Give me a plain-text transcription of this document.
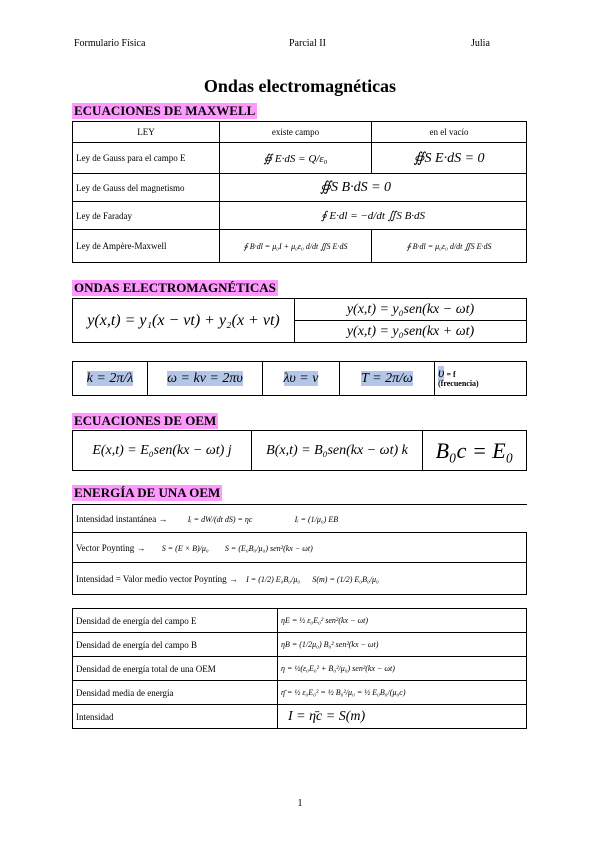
Formulario Física	Parcial II	Julia
Ondas electromagnéticas
ECUACIONES DE MAXWELL
LEY	existe campo	en el vacío
Ley de Gauss para el campo E	∯ E·dS = Q/ε₀	∯S E·dS = 0
Ley de Gauss del magnetismo	∯S B·dS = 0	
Ley de Faraday	∮ E·dl = −d/dt ∬S B·dS	
Ley de Ampère-Maxwell	∮ B·dl = μ₀I + μ₀ε₀ d/dt ∬S E·dS	∮ B·dl = μ₀ε₀ d/dt ∬S E·dS
ONDAS ELECTROMAGNÉTICAS
y(x,t) = y₁(x − vt) + y₂(x + vt)	y(x,t) = y₀sen(kx − ωt)
y(x,t) = y₀sen(kx + ωt)
k = 2π/λ	ω = kv = 2πυ	λυ = v	T = 2π/ω	υ = f
(frecuencia)
ECUACIONES DE OEM
E(x,t) = E₀sen(kx − ωt) j	B(x,t) = B₀sen(kx − ωt) k	B₀c = E₀
ENERGÍA DE UNA OEM
Intensidad instantánea →	Iᵢ = dW/(dt dS) = ηc	Iᵢ = (1/μ₀) EB
Vector Poynting → S = (E × B)/μ₀ S = (E₀B₀/μ₀) sen²(kx − ωt)
Intensidad = Valor medio vector Poynting → I = (1/2) E₀B₀/μ₀ S(m) = (1/2) E₀B₀/μ₀
Densidad de energía del campo E	ηE = ½ ε₀E₀² sen²(kx − ωt)
Densidad de energía del campo B	ηB = (1/2μ₀) B₀² sen²(kx − ωt)
Densidad de energía total de una OEM	η = ½(ε₀E₀² + B₀²/μ₀) sen²(kx − ωt)
Densidad media de energía	η̄ = ½ ε₀E₀² = ½ B₀²/μ₀ = ½ E₀B₀/(μ₀c)
Intensidad	I = η̄c = S(m)
1
